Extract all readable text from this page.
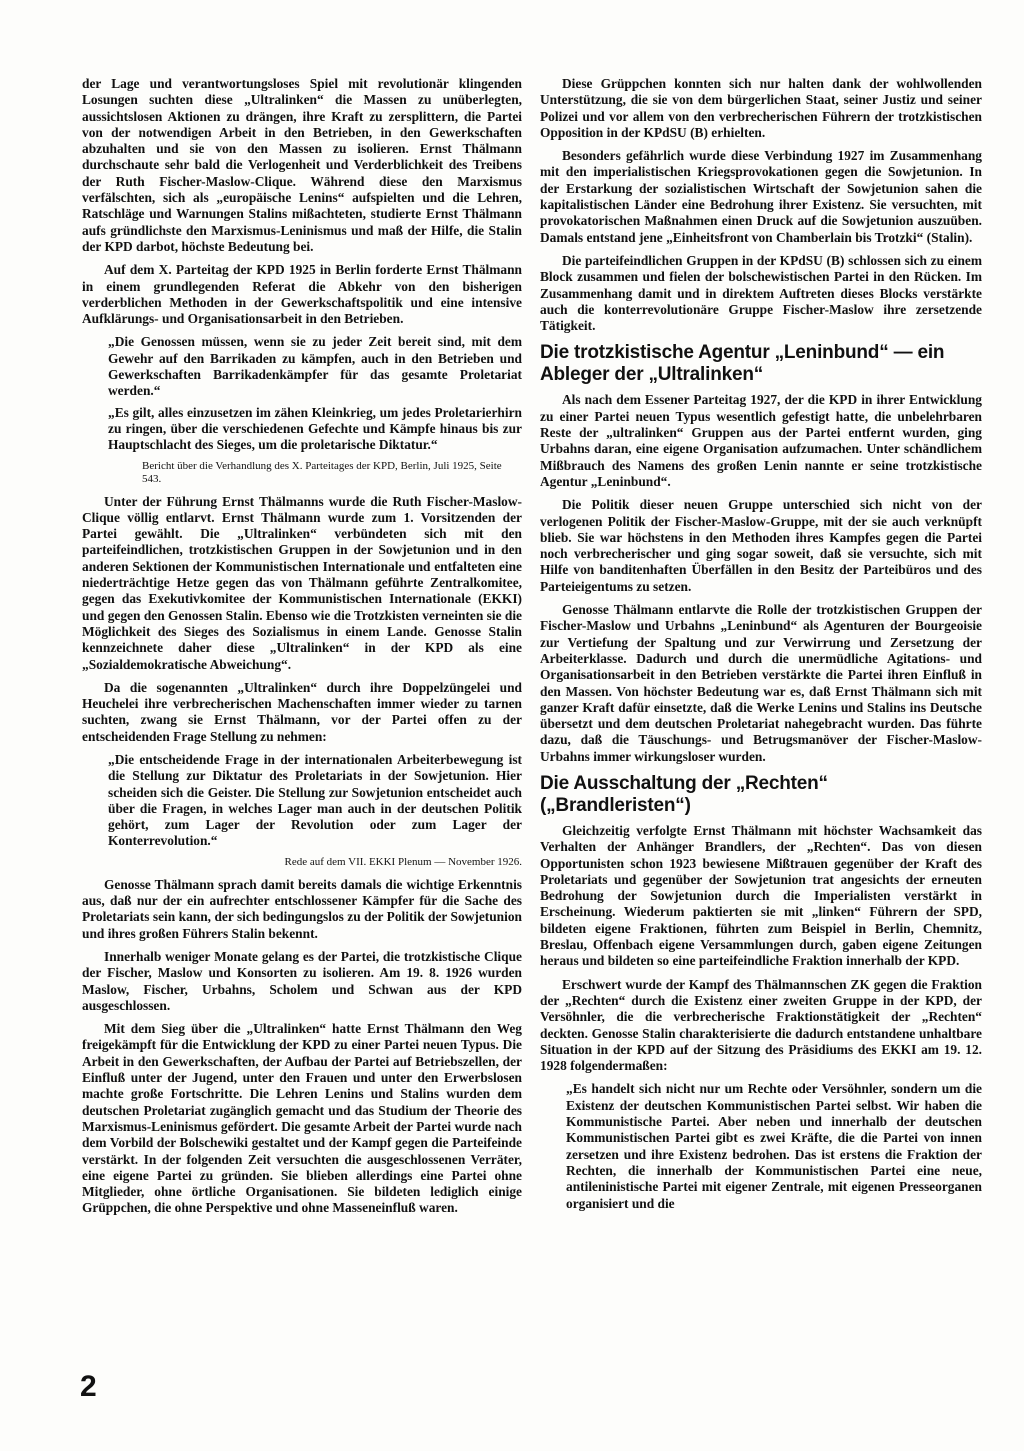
der Lage und verantwortungsloses Spiel mit revolutionär klingenden Losungen suchten diese „Ultralinken“ die Massen zu unüberlegten, aussichtslosen Aktionen zu drängen, ihre Kraft zu zersplittern, die Partei von der notwendigen Arbeit in den Betrieben, in den Gewerkschaften abzuhalten und sie von den Massen zu isolieren. Ernst Thälmann durchschaute sehr bald die Verlogenheit und Verderblichkeit des Treibens der Ruth Fischer-Maslow-Clique. Während diese den Marxismus verfälschten, sich als „europäische Lenins“ aufspielten und die Lehren, Ratschläge und Warnungen Stalins mißachteten, studierte Ernst Thälmann aufs gründlichste den Marxismus-Leninismus und maß der Hilfe, die Stalin der KPD darbot, höchste Bedeutung bei.

Auf dem X. Parteitag der KPD 1925 in Berlin forderte Ernst Thälmann in einem grundlegenden Referat die Abkehr von den bisherigen verderblichen Methoden in der Gewerkschaftspolitik und eine intensive Aufklärungs- und Organisationsarbeit in den Betrieben.

„Die Genossen müssen, wenn sie zu jeder Zeit bereit sind, mit dem Gewehr auf den Barrikaden zu kämpfen, auch in den Betrieben und Gewerkschaften Barrikadenkämpfer für das gesamte Proletariat werden.“

„Es gilt, alles einzusetzen im zähen Kleinkrieg, um jedes Proletarierhirn zu ringen, über die verschiedenen Gefechte und Kämpfe hinaus bis zur Hauptschlacht des Sieges, um die proletarische Diktatur.“

Bericht über die Verhandlung des X. Parteitages der KPD, Berlin, Juli 1925, Seite 543.

Unter der Führung Ernst Thälmanns wurde die Ruth Fischer-Maslow-Clique völlig entlarvt. Ernst Thälmann wurde zum 1. Vorsitzenden der Partei gewählt. Die „Ultralinken“ verbündeten sich mit den parteifeindlichen, trotzkistischen Gruppen in der Sowjetunion und in den anderen Sektionen der Kommunistischen Internationale und entfalteten eine niederträchtige Hetze gegen das von Thälmann geführte Zentralkomitee, gegen das Exekutivkomitee der Kommunistischen Internationale (EKKI) und gegen den Genossen Stalin. Ebenso wie die Trotzkisten verneinten sie die Möglichkeit des Sieges des Sozialismus in einem Lande. Genosse Stalin kennzeichnete daher diese „Ultralinken“ in der KPD als eine „Sozialdemokratische Abweichung“.

Da die sogenannten „Ultralinken“ durch ihre Doppelzüngelei und Heuchelei ihre verbrecherischen Machenschaften immer wieder zu tarnen suchten, zwang sie Ernst Thälmann, vor der Partei offen zu der entscheidenden Frage Stellung zu nehmen:

„Die entscheidende Frage in der internationalen Arbeiterbewegung ist die Stellung zur Diktatur des Proletariats in der Sowjetunion. Hier scheiden sich die Geister. Die Stellung zur Sowjetunion entscheidet auch über die Fragen, in welches Lager man auch in der deutschen Politik gehört, zum Lager der Revolution oder zum Lager der Konterrevolution.“

Rede auf dem VII. EKKI Plenum — November 1926.

Genosse Thälmann sprach damit bereits damals die wichtige Erkenntnis aus, daß nur der ein aufrechter entschlossener Kämpfer für die Sache des Proletariats sein kann, der sich bedingungslos zu der Politik der Sowjetunion und ihres großen Führers Stalin bekennt.

Innerhalb weniger Monate gelang es der Partei, die trotzkistische Clique der Fischer, Maslow und Konsorten zu isolieren. Am 19. 8. 1926 wurden Maslow, Fischer, Urbahns, Scholem und Schwan aus der KPD ausgeschlossen.

Mit dem Sieg über die „Ultralinken“ hatte Ernst Thälmann den Weg freigekämpft für die Entwicklung der KPD zu einer Partei neuen Typus. Die Arbeit in den Gewerkschaften, der Aufbau der Partei auf Betriebszellen, der Einfluß unter der Jugend, unter den Frauen und unter den Erwerbslosen machte große Fortschritte. Die Lehren Lenins und Stalins wurden dem deutschen Proletariat zugänglich gemacht und das Studium der Theorie des Marxismus-Leninismus gefördert. Die gesamte Arbeit der Partei wurde nach dem Vorbild der Bolschewiki gestaltet und der Kampf gegen die Parteifeinde verstärkt. In der folgenden Zeit versuchten die ausgeschlossenen Verräter, eine eigene Partei zu gründen. Sie blieben allerdings eine Partei ohne Mitglieder, ohne örtliche Organisationen. Sie bildeten lediglich einige Grüppchen, die ohne Perspektive und ohne Masseneinfluß waren.

Diese Grüppchen konnten sich nur halten dank der wohlwollenden Unterstützung, die sie von dem bürgerlichen Staat, seiner Justiz und seiner Polizei und vor allem von den verbrecherischen Führern der trotzkistischen Opposition in der KPdSU (B) erhielten.

Besonders gefährlich wurde diese Verbindung 1927 im Zusammenhang mit den imperialistischen Kriegsprovokationen gegen die Sowjetunion. In der Erstarkung der sozialistischen Wirtschaft der Sowjetunion sahen die kapitalistischen Länder eine Bedrohung ihrer Existenz. Sie versuchten, mit provokatorischen Maßnahmen einen Druck auf die Sowjetunion auszuüben. Damals entstand jene „Einheitsfront von Chamberlain bis Trotzki“ (Stalin).

Die parteifeindlichen Gruppen in der KPdSU (B) schlossen sich zu einem Block zusammen und fielen der bolschewistischen Partei in den Rücken. Im Zusammenhang damit und in direktem Auftreten dieses Blocks verstärkte auch die konterrevolutionäre Gruppe Fischer-Maslow ihre zersetzende Tätigkeit.

Die trotzkistische Agentur „Leninbund“ — ein Ableger der „Ultralinken“

Als nach dem Essener Parteitag 1927, der die KPD in ihrer Entwicklung zu einer Partei neuen Typus wesentlich gefestigt hatte, die unbelehrbaren Reste der „ultralinken“ Gruppen aus der Partei entfernt wurden, ging Urbahns daran, eine eigene Organisation aufzumachen. Unter schändlichem Mißbrauch des Namens des großen Lenin nannte er seine trotzkistische Agentur „Leninbund“.

Die Politik dieser neuen Gruppe unterschied sich nicht von der verlogenen Politik der Fischer-Maslow-Gruppe, mit der sie auch verknüpft blieb. Sie war höchstens in den Methoden ihres Kampfes gegen die Partei noch verbrecherischer und ging sogar soweit, daß sie versuchte, sich mit Hilfe von banditenhaften Überfällen in den Besitz der Parteibüros und des Parteieigentums zu setzen.

Genosse Thälmann entlarvte die Rolle der trotzkistischen Gruppen der Fischer-Maslow und Urbahns „Leninbund“ als Agenturen der Bourgeoisie zur Vertiefung der Spaltung und zur Verwirrung und Zersetzung der Arbeiterklasse. Dadurch und durch die unermüdliche Agitations- und Organisationsarbeit in den Betrieben verstärkte die Partei ihren Einfluß in den Massen. Von höchster Bedeutung war es, daß Ernst Thälmann sich mit ganzer Kraft dafür einsetzte, daß die Werke Lenins und Stalins ins Deutsche übersetzt und dem deutschen Proletariat nahegebracht wurden. Das führte dazu, daß die Täuschungs- und Betrugsmanöver der Fischer-Maslow-Urbahns immer wirkungsloser wurden.

Die Ausschaltung der „Rechten“ („Brandleristen“)

Gleichzeitig verfolgte Ernst Thälmann mit höchster Wachsamkeit das Verhalten der Anhänger Brandlers, der „Rechten“. Das von diesen Opportunisten schon 1923 bewiesene Mißtrauen gegenüber der Kraft des Proletariats und gegenüber der Sowjetunion trat angesichts der erneuten Bedrohung der Sowjetunion durch die Imperialisten verstärkt in Erscheinung. Wiederum paktierten sie mit „linken“ Führern der SPD, bildeten eigene Fraktionen, führten zum Beispiel in Berlin, Chemnitz, Breslau, Offenbach eigene Versammlungen durch, gaben eigene Zeitungen heraus und bildeten so eine parteifeindliche Fraktion innerhalb der KPD.

Erschwert wurde der Kampf des Thälmannschen ZK gegen die Fraktion der „Rechten“ durch die Existenz einer zweiten Gruppe in der KPD, der Versöhnler, die die verbrecherische Fraktionstätigkeit der „Rechten“ deckten. Genosse Stalin charakterisierte die dadurch entstandene unhaltbare Situation in der KPD auf der Sitzung des Präsidiums des EKKI am 19. 12. 1928 folgendermaßen:

„Es handelt sich nicht nur um Rechte oder Versöhnler, sondern um die Existenz der deutschen Kommunistischen Partei selbst. Wir haben die Kommunistische Partei. Aber neben und innerhalb der deutschen Kommunistischen Partei gibt es zwei Kräfte, die die Partei von innen zersetzen und ihre Existenz bedrohen. Das ist erstens die Fraktion der Rechten, die innerhalb der Kommunistischen Partei eine neue, antileninistische Partei mit eigener Zentrale, mit eigenen Presseorganen organisiert und die

2
